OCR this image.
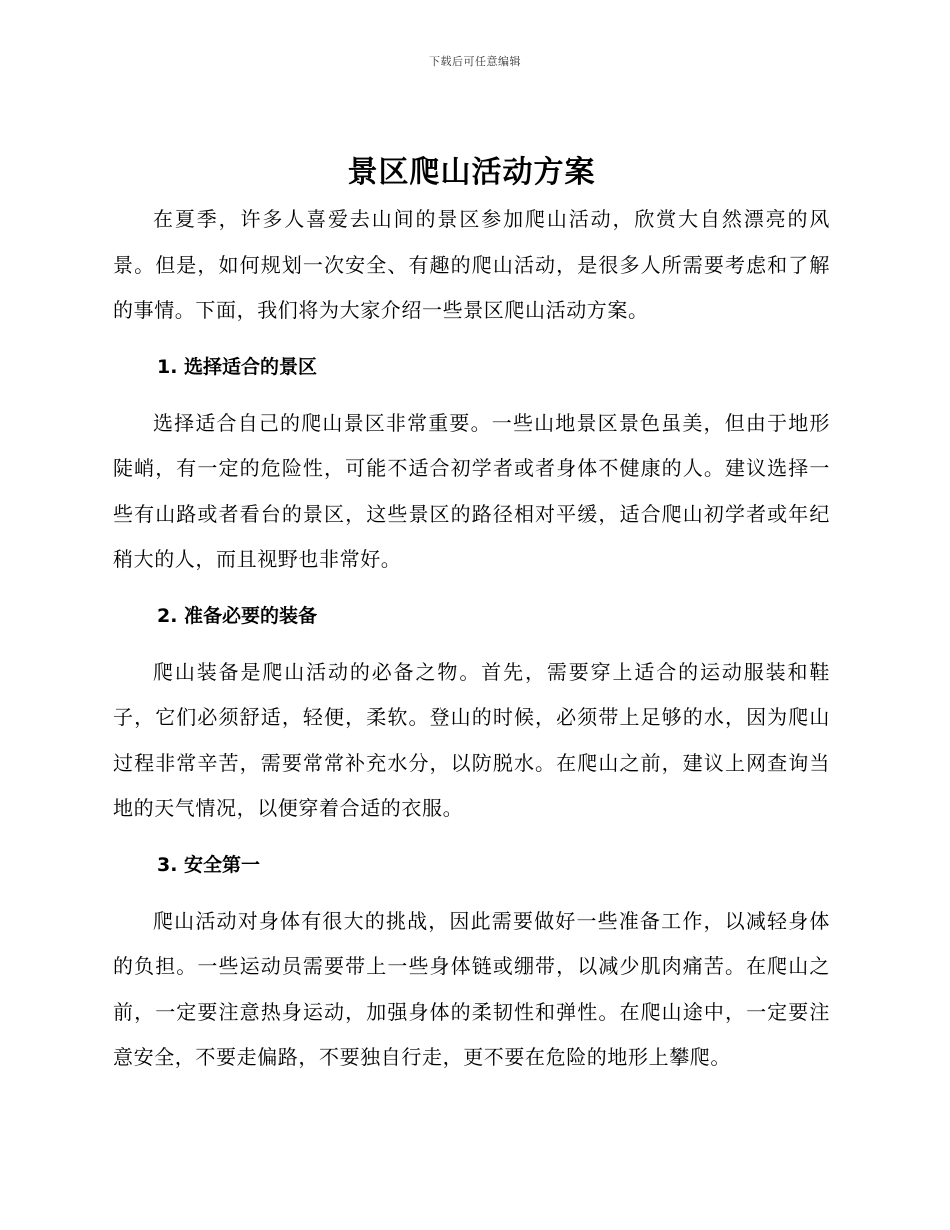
下载后可任意编辑
景区爬山活动方案

在夏季，许多人喜爱去山间的景区参加爬山活动，欣赏大自然漂亮的风景。但是，如何规划一次安全、有趣的爬山活动，是很多人所需要考虑和了解的事情。下面，我们将为大家介绍一些景区爬山活动方案。

1. 选择适合的景区

选择适合自己的爬山景区非常重要。一些山地景区景色虽美，但由于地形陡峭，有一定的危险性，可能不适合初学者或者身体不健康的人。建议选择一些有山路或者看台的景区，这些景区的路径相对平缓，适合爬山初学者或年纪稍大的人，而且视野也非常好。

2. 准备必要的装备

爬山装备是爬山活动的必备之物。首先，需要穿上适合的运动服装和鞋子，它们必须舒适，轻便，柔软。登山的时候，必须带上足够的水，因为爬山过程非常辛苦，需要常常补充水分，以防脱水。在爬山之前，建议上网查询当地的天气情况，以便穿着合适的衣服。

3. 安全第一

爬山活动对身体有很大的挑战，因此需要做好一些准备工作，以减轻身体的负担。一些运动员需要带上一些身体链或绷带，以减少肌肉痛苦。在爬山之前，一定要注意热身运动，加强身体的柔韧性和弹性。在爬山途中，一定要注意安全，不要走偏路，不要独自行走，更不要在危险的地形上攀爬。
